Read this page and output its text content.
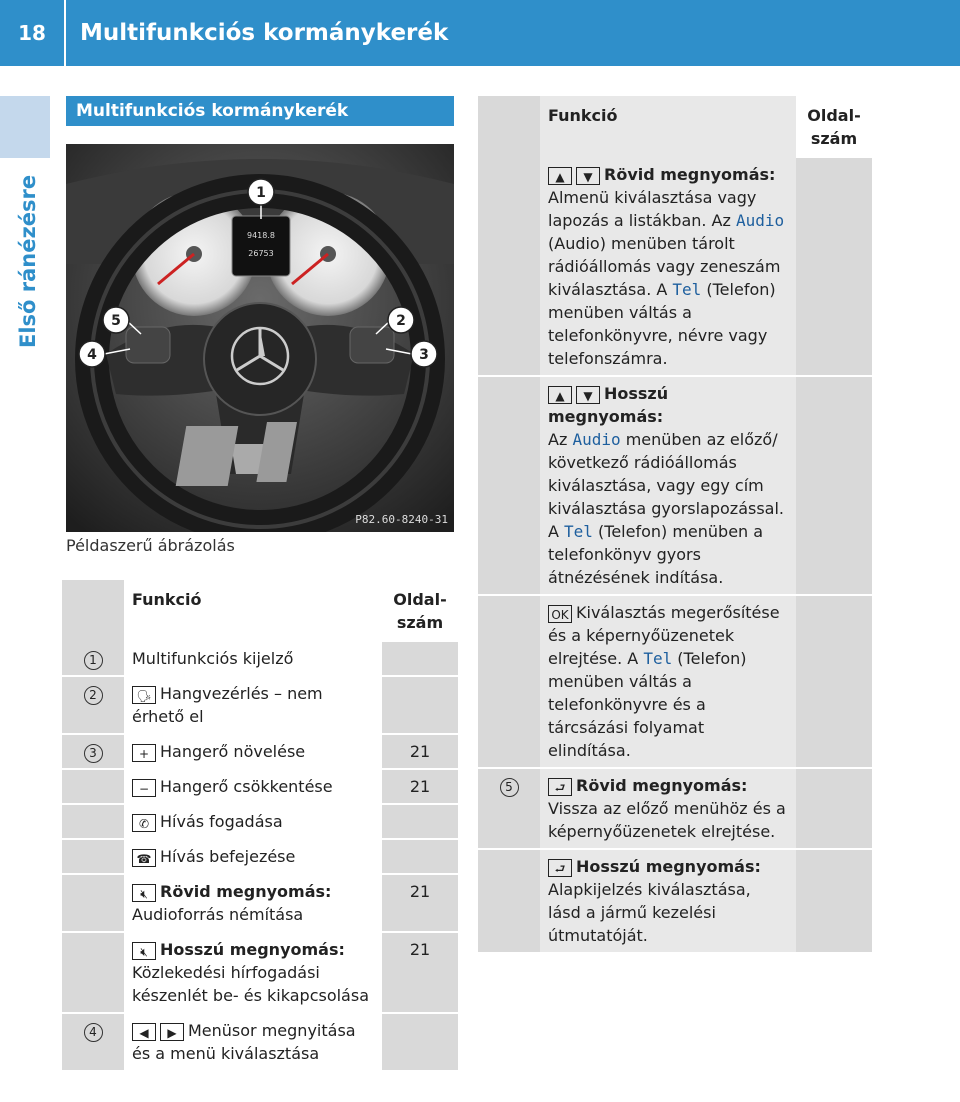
18	Multifunkciós kormánykerék
Első ránézésre
Multifunkciós kormánykerék
9418.8
26753
1
2
3
4
5
P82.60-8240-31
Példaszerű ábrázolás
	Funkció	Oldal-
szám
1	Multifunkciós kijelző	
2	🗣︎ Hangvezérlés – nem érhető el	
3	+ Hangerő növelése	21
	− Hangerő csökkentése	21
	✆ Hívás fogadása	
	☎ Hívás befejezése	
	🔇︎ Rövid megnyomás:
Audioforrás némítása	21
	🔇︎ Hosszú megnyomás:
Közlekedési hírfogadási készenlét be- és kikapcsolása	21
4	◀ ▶ Menüsor megnyitása és a menü kiválasztása	
	Funkció	Oldal-
szám
	▲ ▼ Rövid megnyomás: Almenü kiválasztása vagy lapozás a listákban. Az Audio (Audio) menüben tárolt rádióállomás vagy zeneszám kiválasztása. A Tel (Telefon) menüben váltás a telefonkönyvre, névre vagy telefonszámra.	
	▲ ▼ Hosszú megnyomás:
Az Audio menüben az előző/ következő rádióállomás kiválasztása, vagy egy cím kiválasztása gyorslapozással. A Tel (Telefon) menüben a telefonkönyv gyors átnézésének indítása.	
	OK Kiválasztás megerősítése és a képernyőüzenetek elrejtése. A Tel (Telefon) menüben váltás a telefonkönyvre és a tárcsázási folyamat elindítása.	
5	⮐ Rövid megnyomás:
Vissza az előző menühöz és a képernyőüzenetek elrejtése.	
	⮐ Hosszú megnyomás:
Alapkijelzés kiválasztása, lásd a jármű kezelési útmutatóját.	
